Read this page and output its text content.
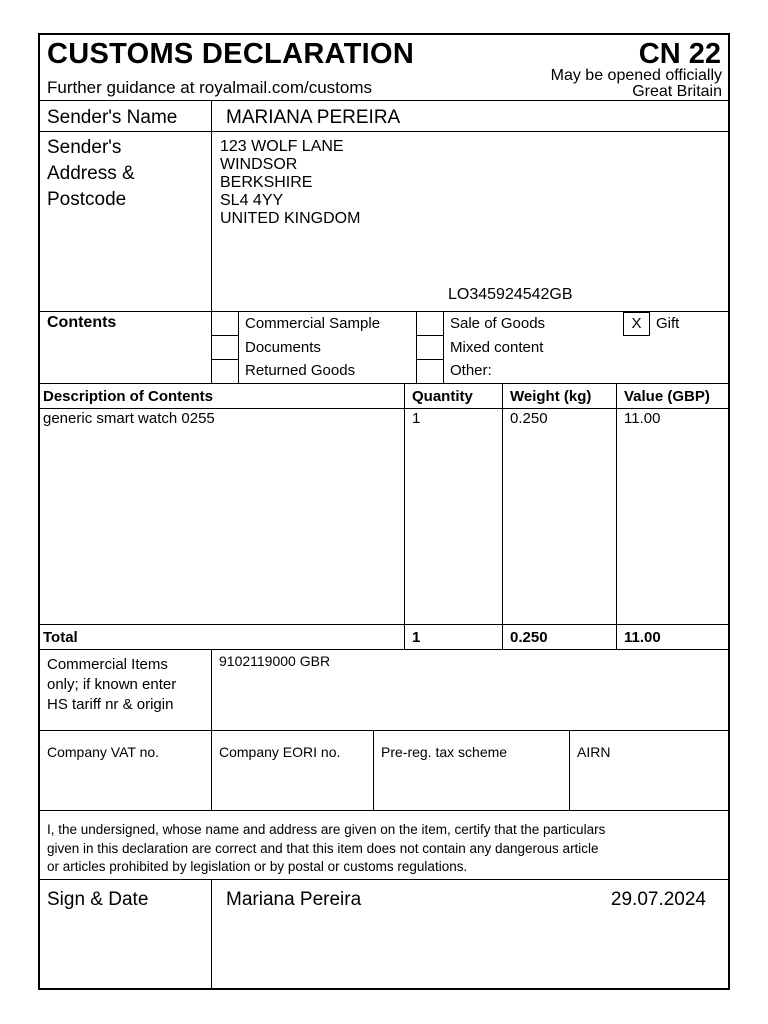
CUSTOMS DECLARATION	CN 22
Further guidance at royalmail.com/customs
May be opened officially
Great Britain
Sender's Name	MARIANA PEREIRA
Sender's
Address &
Postcode
123 WOLF LANE
WINDSOR
BERKSHIRE
SL4 4YY
UNITED KINGDOM
LO345924542GB
Contents	Commercial Sample
Documents
Returned Goods
Sale of Goods
Mixed content
Other:
X Gift
Description of Contents	Quantity Weight (kg) Value (GBP)
generic smart watch 0255	1	0.250	11.00
Total	1	0.250	11.00
Commercial Items
only; if known enter
HS tariff nr & origin
9102119000 GBR
Company VAT no.	Company EORI no.	Pre-reg. tax scheme	AIRN
I, the undersigned, whose name and address are given on the item, certify that the particulars
given in this declaration are correct and that this item does not contain any dangerous article
or articles prohibited by legislation or by postal or customs regulations.
Sign & Date	Mariana Pereira	29.07.2024
